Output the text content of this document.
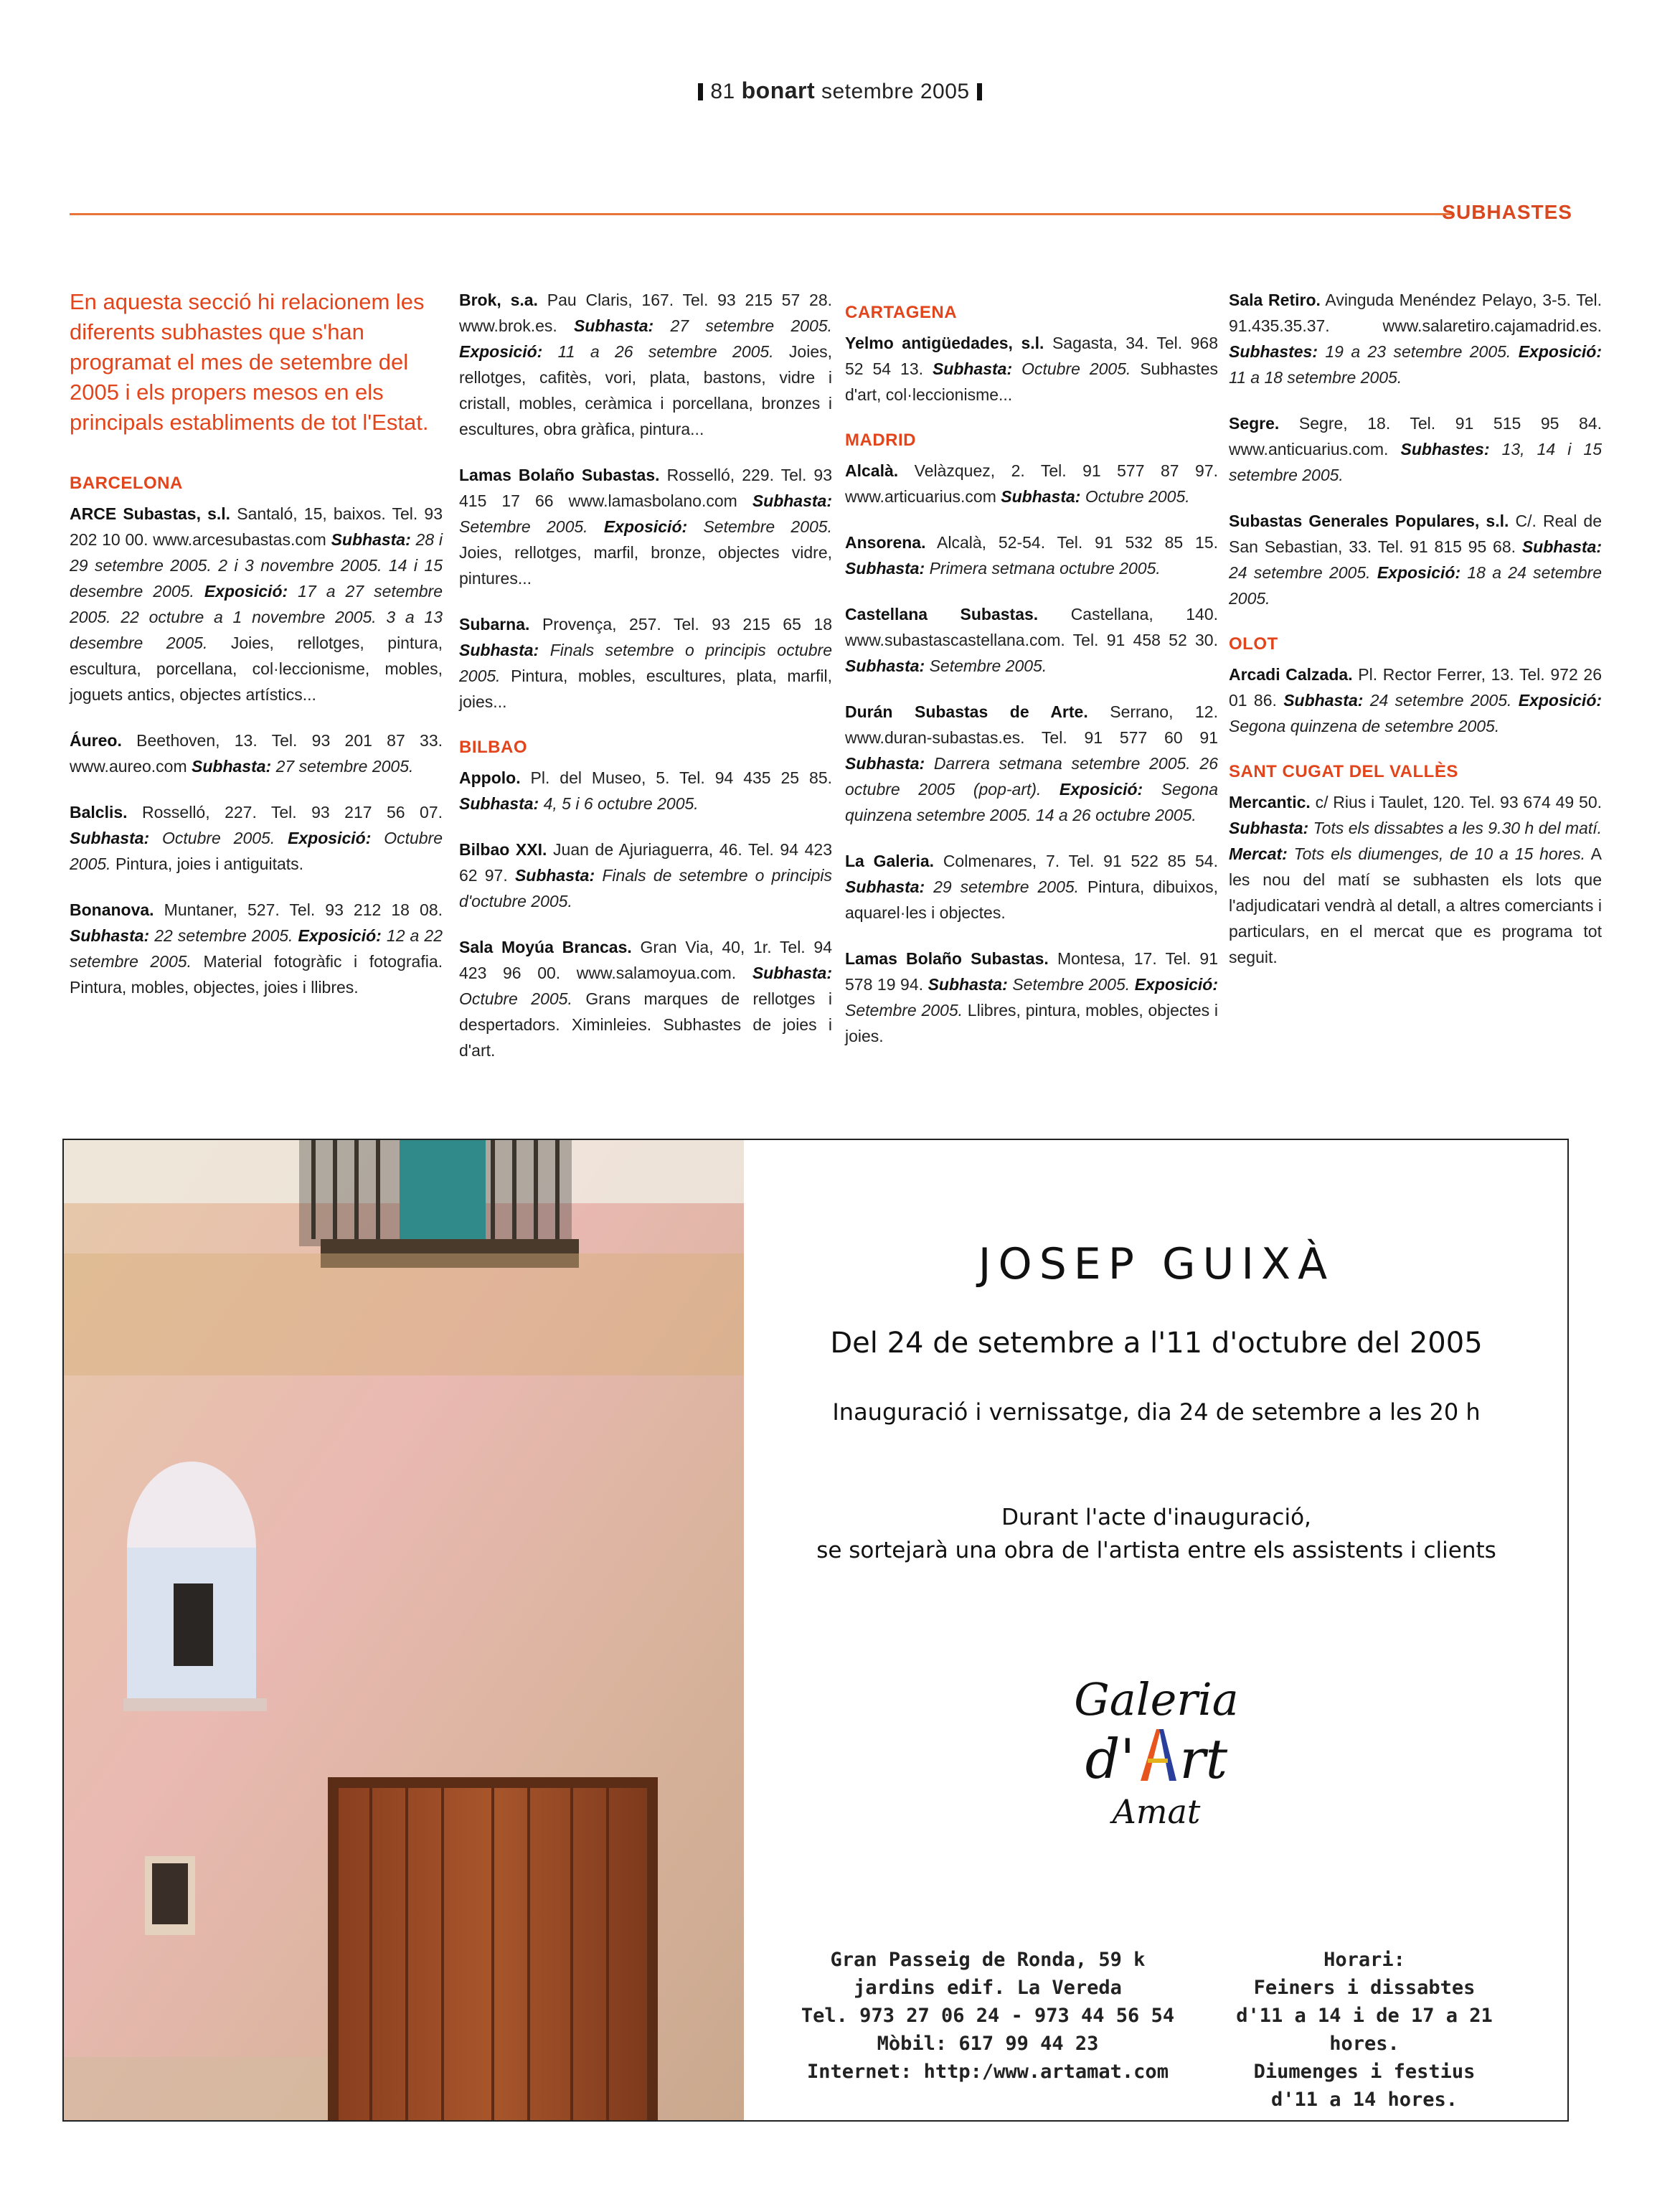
81 bonart setembre 2005
SUBHASTES
En aquesta secció hi relacionem les diferents subhastes que s'han programat el mes de setembre del 2005 i els propers mesos en els principals establiments de tot l'Estat.
BARCELONA
ARCE Subastas, s.l. Santaló, 15, baixos. Tel. 93 202 10 00. www.arcesubastas.com Subhasta: 28 i 29 setembre 2005. 2 i 3 novembre 2005. 14 i 15 desembre 2005. Exposició: 17 a 27 setembre 2005. 22 octubre a 1 novembre 2005. 3 a 13 desembre 2005. Joies, rellotges, pintura, escultura, porcellana, col·leccionisme, mobles, joguets antics, objectes artístics...
Áureo. Beethoven, 13. Tel. 93 201 87 33. www.aureo.com Subhasta: 27 setembre 2005.
Balclis. Rosselló, 227. Tel. 93 217 56 07. Subhasta: Octubre 2005. Exposició: Octubre 2005. Pintura, joies i antiguitats.
Bonanova. Muntaner, 527. Tel. 93 212 18 08. Subhasta: 22 setembre 2005. Exposició: 12 a 22 setembre 2005. Material fotogràfic i fotografia. Pintura, mobles, objectes, joies i llibres.
Brok, s.a. Pau Claris, 167. Tel. 93 215 57 28. www.brok.es. Subhasta: 27 setembre 2005. Exposició: 11 a 26 setembre 2005. Joies, rellotges, cafitès, vori, plata, bastons, vidre i cristall, mobles, ceràmica i porcellana, bronzes i escultures, obra gràfica, pintura...
Lamas Bolaño Subastas. Rosselló, 229. Tel. 93 415 17 66 www.lamasbolano.com Subhasta: Setembre 2005. Exposició: Setembre 2005. Joies, rellotges, marfil, bronze, objectes vidre, pintures...
Subarna. Provença, 257. Tel. 93 215 65 18 Subhasta: Finals setembre o principis octubre 2005. Pintura, mobles, escultures, plata, marfil, joies...
BILBAO
Appolo. Pl. del Museo, 5. Tel. 94 435 25 85. Subhasta: 4, 5 i 6 octubre 2005.
Bilbao XXI. Juan de Ajuriaguerra, 46. Tel. 94 423 62 97. Subhasta: Finals de setembre o principis d'octubre 2005.
Sala Moyúa Brancas. Gran Via, 40, 1r. Tel. 94 423 96 00. www.salamoyua.com. Subhasta: Octubre 2005. Grans marques de rellotges i despertadors. Ximinleies. Subhastes de joies i d'art.
CARTAGENA
Yelmo antigüedades, s.l. Sagasta, 34. Tel. 968 52 54 13. Subhasta: Octubre 2005. Subhastes d'art, col·leccionisme...
MADRID
Alcalà. Velàzquez, 2. Tel. 91 577 87 97. www.articuarius.com Subhasta: Octubre 2005.
Ansorena. Alcalà, 52-54. Tel. 91 532 85 15. Subhasta: Primera setmana octubre 2005.
Castellana Subastas. Castellana, 140. www.subastascastellana.com. Tel. 91 458 52 30. Subhasta: Setembre 2005.
Durán Subastas de Arte. Serrano, 12. www.duran-subastas.es. Tel. 91 577 60 91 Subhasta: Darrera setmana setembre 2005. 26 octubre 2005 (pop-art). Exposició: Segona quinzena setembre 2005. 14 a 26 octubre 2005.
La Galeria. Colmenares, 7. Tel. 91 522 85 54. Subhasta: 29 setembre 2005. Pintura, dibuixos, aquarel·les i objectes.
Lamas Bolaño Subastas. Montesa, 17. Tel. 91 578 19 94. Subhasta: Setembre 2005. Exposició: Setembre 2005. Llibres, pintura, mobles, objectes i joies.
Sala Retiro. Avinguda Menéndez Pelayo, 3-5. Tel. 91.435.35.37. www.salaretiro.cajamadrid.es. Subhastes: 19 a 23 setembre 2005. Exposició: 11 a 18 setembre 2005.
Segre. Segre, 18. Tel. 91 515 95 84. www.anticuarius.com. Subhastes: 13, 14 i 15 setembre 2005.
Subastas Generales Populares, s.l. C/. Real de San Sebastian, 33. Tel. 91 815 95 68. Subhasta: 24 setembre 2005. Exposició: 18 a 24 setembre 2005.
OLOT
Arcadi Calzada. Pl. Rector Ferrer, 13. Tel. 972 26 01 86. Subhasta: 24 setembre 2005. Exposició: Segona quinzena de setembre 2005.
SANT CUGAT DEL VALLÈS
Mercantic. c/ Rius i Taulet, 120. Tel. 93 674 49 50. Subhasta: Tots els dissabtes a les 9.30 h del matí. Mercat: Tots els diumenges, de 10 a 15 hores. A les nou del matí se subhasten els lots que l'adjudicatari vendrà al detall, a altres comerciants i particulars, en el mercat que es programa tot seguit.
JOSEP GUIXÀ
Del 24 de setembre a l'11 d'octubre del 2005
Inauguració i vernissatge, dia 24 de setembre a les 20 h
Durant l'acte d'inauguració,
se sortejarà una obra de l'artista entre els assistents i clients
Galeria
d' rt
Amat
Gran Passeig de Ronda, 59 k
jardins edif. La Vereda
Tel. 973 27 06 24 - 973 44 56 54
Mòbil: 617 99 44 23
Internet: http:/www.artamat.com
Horari:
Feiners i dissabtes
d'11 a 14 i de 17 a 21 hores.
Diumenges i festius
d'11 a 14 hores.
